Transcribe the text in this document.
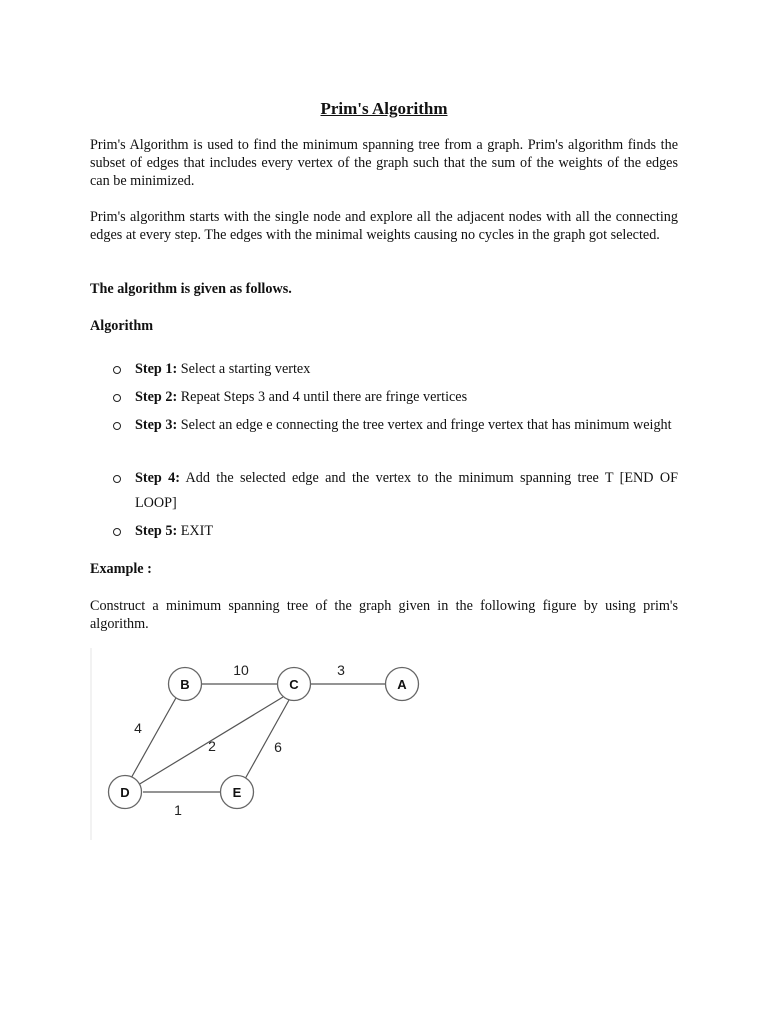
Prim's Algorithm

Prim's Algorithm is used to find the minimum spanning tree from a graph. Prim's algorithm finds the subset of edges that includes every vertex of the graph such that the sum of the weights of the edges can be minimized.

Prim's algorithm starts with the single node and explore all the adjacent nodes with all the connecting edges at every step. The edges with the minimal weights causing no cycles in the graph got selected.

The algorithm is given as follows.
Algorithm

Step 1: Select a starting vertex

Step 2: Repeat Steps 3 and 4 until there are fringe vertices

Step 3: Select an edge e connecting the tree vertex and fringe vertex that has minimum weight

Step 4: Add the selected edge and the vertex to the minimum spanning tree T [END OF LOOP]

Step 5: EXIT

Example :

Construct a minimum spanning tree of the graph given in the following figure by using prim's algorithm.

10	3
4
2	6
1
B	C	A
D	E
